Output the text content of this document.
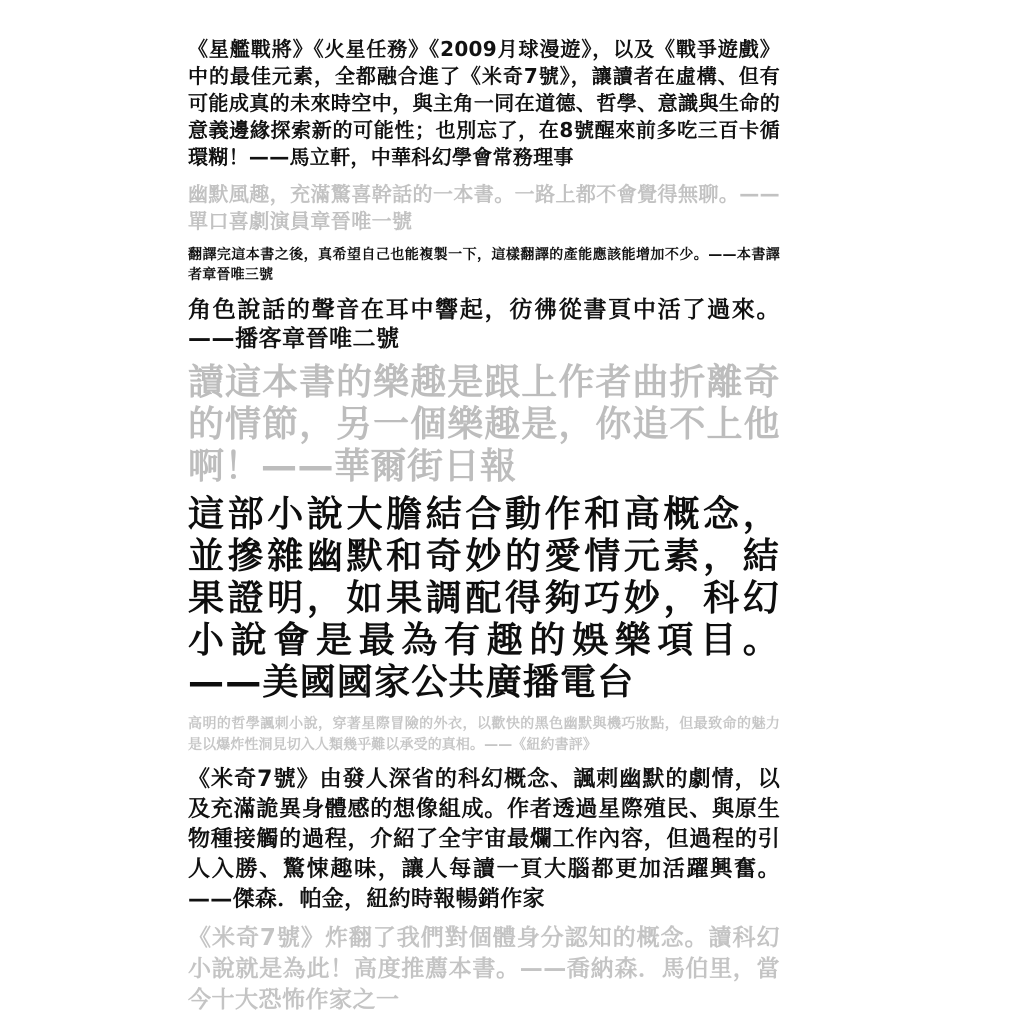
《星艦戰將》《火星任務》《2009月球漫遊》，以及《戰爭遊戲》中的最佳元素，全都融合進了《米奇7號》，讓讀者在虛構、但有可能成真的未來時空中，與主角一同在道德、哲學、意識與生命的意義邊緣探索新的可能性；也別忘了，在8號醒來前多吃三百卡循環糊！——馬立軒，中華科幻學會常務理事

幽默風趣，充滿驚喜幹話的一本書。一路上都不會覺得無聊。——單口喜劇演員章晉唯一號

翻譯完這本書之後，真希望自己也能複製一下，這樣翻譯的產能應該能增加不少。——本書譯者章晉唯三號

角色說話的聲音在耳中響起，彷彿從書頁中活了過來。——播客章晉唯二號

讀這本書的樂趣是跟上作者曲折離奇的情節，另一個樂趣是，你追不上他啊！——華爾街日報

這部小說大膽結合動作和高概念，並摻雜幽默和奇妙的愛情元素，結果證明，如果調配得夠巧妙，科幻小說會是最為有趣的娛樂項目。——美國國家公共廣播電台

高明的哲學諷刺小說，穿著星際冒險的外衣，以歡快的黑色幽默與機巧妝點，但最致命的魅力是以爆炸性洞見切入人類幾乎難以承受的真相。——《紐約書評》

《米奇7號》由發人深省的科幻概念、諷刺幽默的劇情，以及充滿詭異身體感的想像組成。作者透過星際殖民、與原生物種接觸的過程，介紹了全宇宙最爛工作內容，但過程的引人入勝、驚悚趣味，讓人每讀一頁大腦都更加活躍興奮。——傑森．帕金，紐約時報暢銷作家

《米奇7號》炸翻了我們對個體身分認知的概念。讀科幻小說就是為此！高度推薦本書。——喬納森．馬伯里，當今十大恐怖作家之一
